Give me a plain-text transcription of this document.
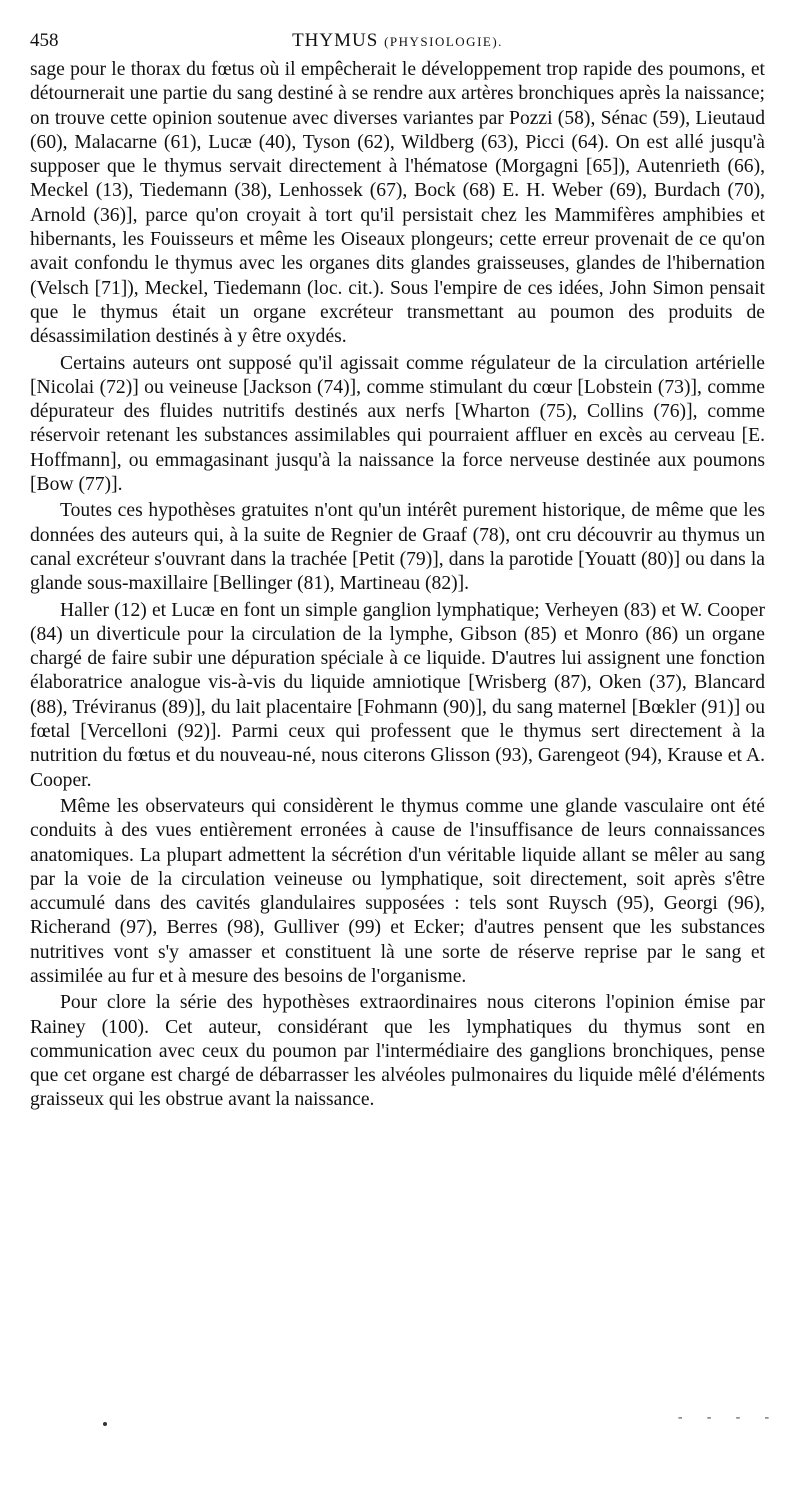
458	THYMUS (PHYSIOLOGIE).

sage pour le thorax du fœtus où il empêcherait le développement trop rapide des poumons, et détournerait une partie du sang destiné à se rendre aux artères bronchiques après la naissance; on trouve cette opinion soutenue avec diverses variantes par Pozzi (58), Sénac (59), Lieutaud (60), Malacarne (61), Lucæ (40), Tyson (62), Wildberg (63), Picci (64). On est allé jusqu'à supposer que le thymus servait directement à l'hématose (Morgagni [65]), Autenrieth (66), Meckel (13), Tiedemann (38), Lenhossek (67), Bock (68) E. H. Weber (69), Burdach (70), Arnold (36)], parce qu'on croyait à tort qu'il persistait chez les Mammifères amphibies et hibernants, les Fouisseurs et même les Oiseaux plongeurs; cette erreur provenait de ce qu'on avait confondu le thymus avec les organes dits glandes graisseuses, glandes de l'hibernation (Velsch [71]), Meckel, Tiedemann (loc. cit.). Sous l'empire de ces idées, John Simon pensait que le thymus était un organe excréteur transmettant au poumon des produits de désassimilation destinés à y être oxydés.

Certains auteurs ont supposé qu'il agissait comme régulateur de la circulation artérielle [Nicolai (72)] ou veineuse [Jackson (74)], comme stimulant du cœur [Lobstein (73)], comme dépurateur des fluides nutritifs destinés aux nerfs [Wharton (75), Collins (76)], comme réservoir retenant les substances assimilables qui pourraient affluer en excès au cerveau [E. Hoffmann], ou emmagasinant jusqu'à la naissance la force nerveuse destinée aux poumons [Bow (77)].

Toutes ces hypothèses gratuites n'ont qu'un intérêt purement historique, de même que les données des auteurs qui, à la suite de Regnier de Graaf (78), ont cru découvrir au thymus un canal excréteur s'ouvrant dans la trachée [Petit (79)], dans la parotide [Youatt (80)] ou dans la glande sous-maxillaire [Bellinger (81), Martineau (82)].

Haller (12) et Lucæ en font un simple ganglion lymphatique; Verheyen (83) et W. Cooper (84) un diverticule pour la circulation de la lymphe, Gibson (85) et Monro (86) un organe chargé de faire subir une dépuration spéciale à ce liquide. D'autres lui assignent une fonction élaboratrice analogue vis-à-vis du liquide amniotique [Wrisberg (87), Oken (37), Blancard (88), Tréviranus (89)], du lait placentaire [Fohmann (90)], du sang maternel [Bœkler (91)] ou fœtal [Vercelloni (92)]. Parmi ceux qui professent que le thymus sert directement à la nutrition du fœtus et du nouveau-né, nous citerons Glisson (93), Garengeot (94), Krause et A. Cooper.

Même les observateurs qui considèrent le thymus comme une glande vasculaire ont été conduits à des vues entièrement erronées à cause de l'insuffisance de leurs connaissances anatomiques. La plupart admettent la sécrétion d'un véritable liquide allant se mêler au sang par la voie de la circulation veineuse ou lymphatique, soit directement, soit après s'être accumulé dans des cavités glandulaires supposées : tels sont Ruysch (95), Georgi (96), Richerand (97), Berres (98), Gulliver (99) et Ecker; d'autres pensent que les substances nutritives vont s'y amasser et constituent là une sorte de réserve reprise par le sang et assimilée au fur et à mesure des besoins de l'organisme.

Pour clore la série des hypothèses extraordinaires nous citerons l'opinion émise par Rainey (100). Cet auteur, considérant que les lymphatiques du thymus sont en communication avec ceux du poumon par l'intermédiaire des ganglions bronchiques, pense que cet organe est chargé de débarrasser les alvéoles pulmonaires du liquide mêlé d'éléments graisseux qui les obstrue avant la naissance.

- - - -
